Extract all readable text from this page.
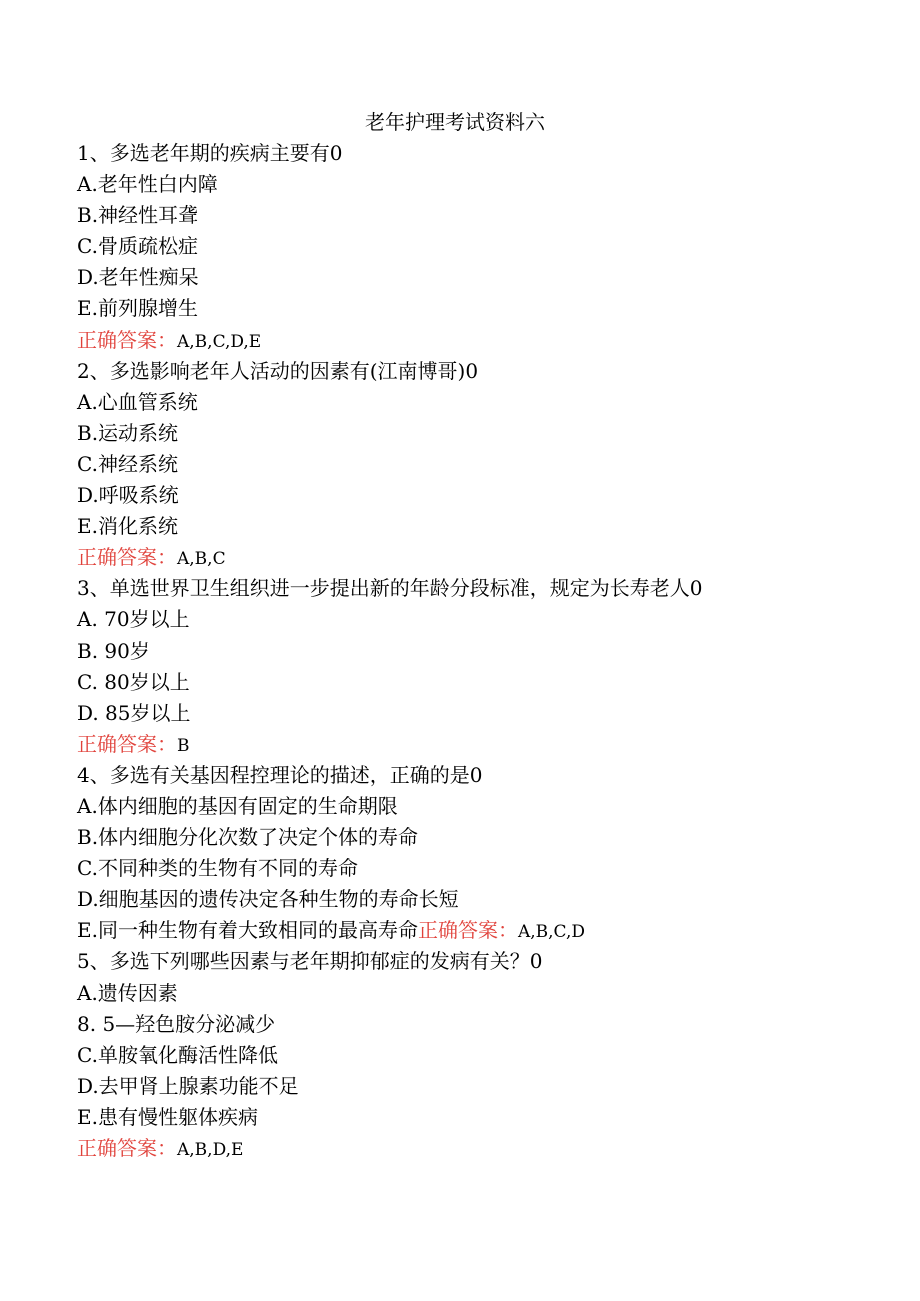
老年护理考试资料六
1、多选老年期的疾病主要有0
A.老年性白内障
B.神经性耳聋
C.骨质疏松症
D.老年性痴呆
E.前列腺增生
正确答案：A,B,C,D,E
2、多选影响老年人活动的因素有(江南博哥)0
A.心血管系统
B.运动系统
C.神经系统
D.呼吸系统
E.消化系统
正确答案：A,B,C
3、单选世界卫生组织进一步提出新的年龄分段标准，规定为长寿老人0
A. 70岁以上
B. 90岁
C. 80岁以上
D. 85岁以上
正确答案：B
4、多选有关基因程控理论的描述，正确的是0
A.体内细胞的基因有固定的生命期限
B.体内细胞分化次数了决定个体的寿命
C.不同种类的生物有不同的寿命
D.细胞基因的遗传决定各种生物的寿命长短
E.同一种生物有着大致相同的最高寿命正确答案：A,B,C,D
5、多选下列哪些因素与老年期抑郁症的发病有关？0
A.遗传因素
8. 5—羟色胺分泌减少
C.单胺氧化酶活性降低
D.去甲肾上腺素功能不足
E.患有慢性躯体疾病
正确答案：A,B,D,E
